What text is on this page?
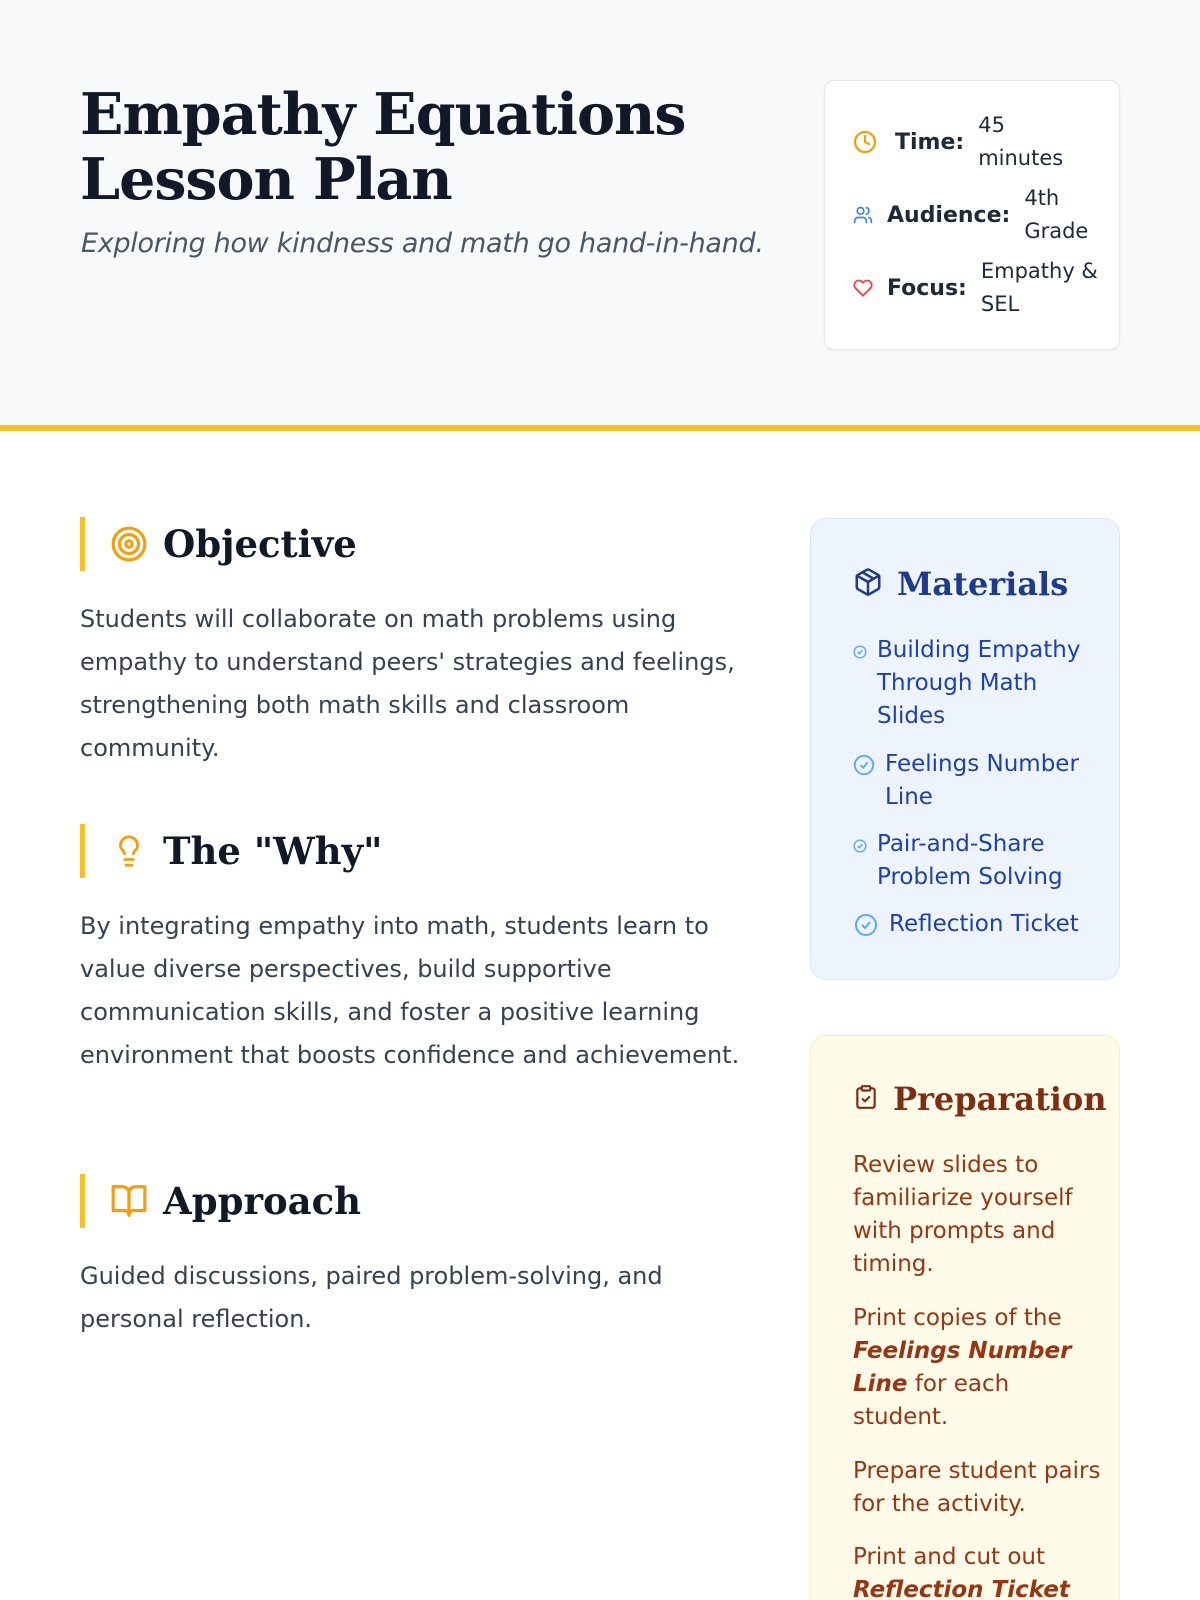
Empathy Equations
Lesson Plan

Exploring how kindness and math go hand-in-hand.

Time:
45
minutes
Audience:
4th
Grade
Focus:
Empathy &
SEL
Objective

Students will collaborate on math problems using empathy to understand peers' strategies and feelings, strengthening both math skills and classroom community.

The "Why"

By integrating empathy into math, students learn to value diverse perspectives, build supportive communication skills, and foster a positive learning environment that boosts confidence and achievement.

Approach

Guided discussions, paired problem-solving, and personal reflection.

Materials
Building Empathy Through Math Slides
Feelings Number Line
Pair-and-Share Problem Solving
Reflection Ticket
Preparation

Review slides to familiarize yourself with prompts and timing.

Print copies of the Feelings Number Line for each student.

Prepare student pairs for the activity.

Print and cut out Reflection Ticket
